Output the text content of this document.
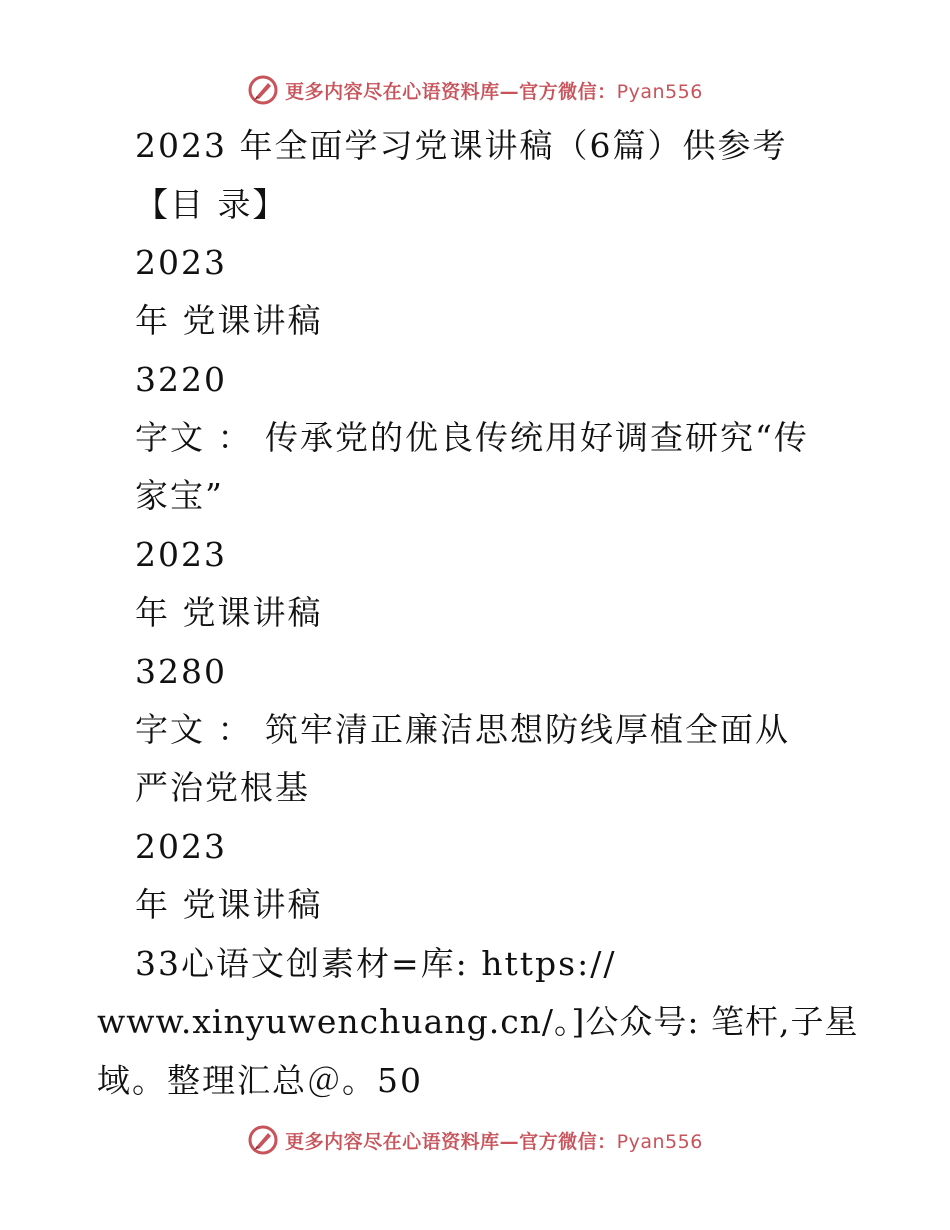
更多内容尽在心语资料库—官方微信：Pyan556
2023 年全面学习党课讲稿（6篇）供参考
【目 录】
2023
年 党课讲稿
3220
字文 ： 传承党的优良传统用好调查研究“传
家宝”
2023
年 党课讲稿
3280
字文 ： 筑牢清正廉洁思想防线厚植全面从
严治党根基
2023
年 党课讲稿
33心语文创素材=库: https://
www.xinyuwenchuang.cn/。]公众号: 笔杆,子星
域。整理汇总＠。50
更多内容尽在心语资料库—官方微信：Pyan556
